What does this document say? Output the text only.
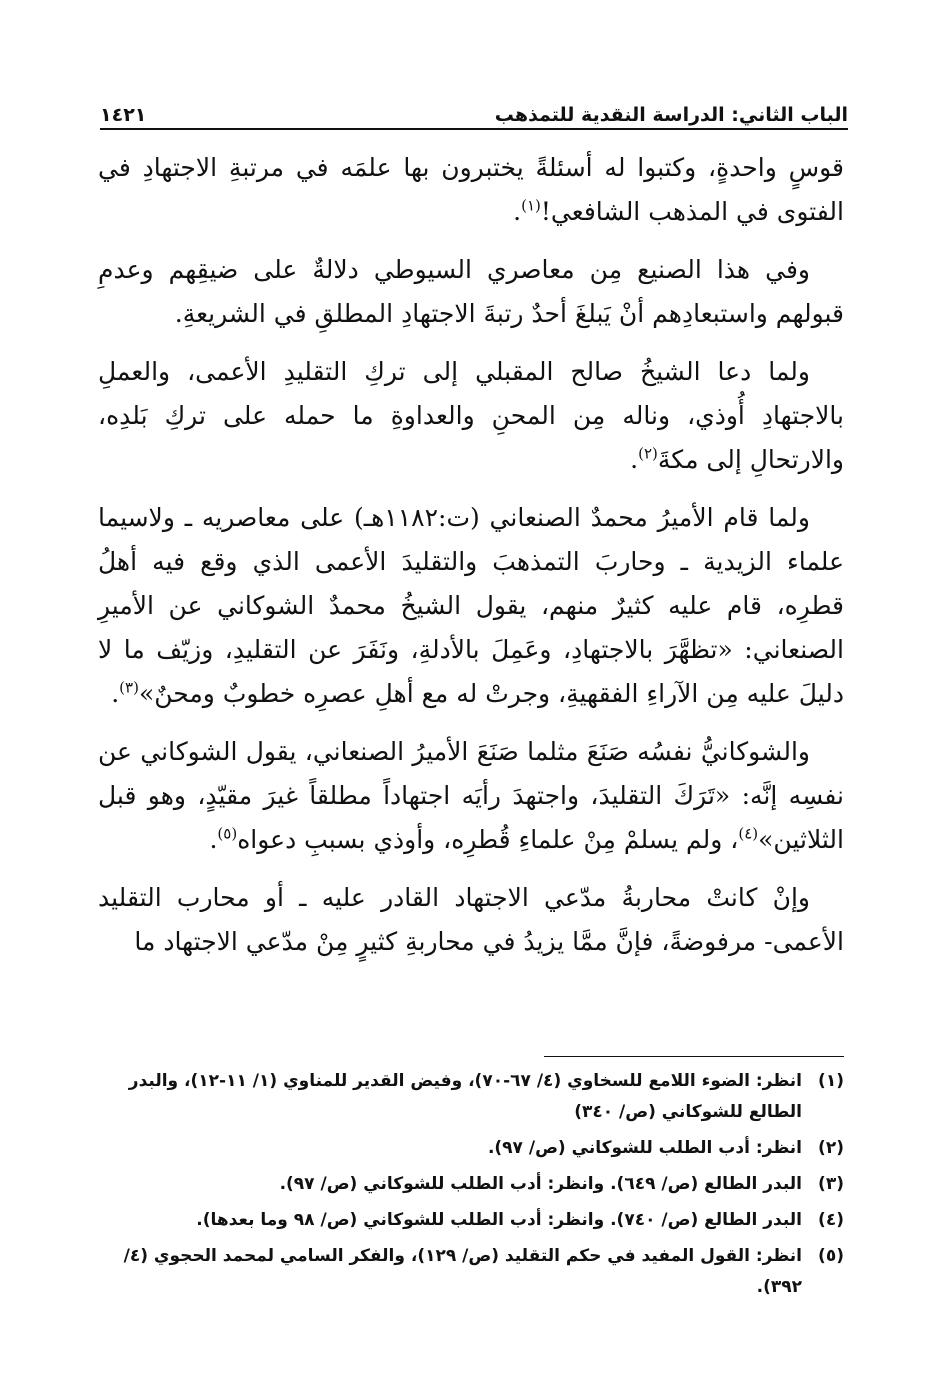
الباب الثاني: الدراسة النقدية للتمذهب
١٤٢١

قوسٍ واحدةٍ، وكتبوا له أسئلةً يختبرون بها علمَه في مرتبةِ الاجتهادِ في الفتوى في المذهب الشافعي!$^{(١)}$.

وفي هذا الصنيع مِن معاصري السيوطي دلالةٌ على ضيقِهم وعدمِ قبولهم واستبعادِهم أنْ يَبلغَ أحدٌ رتبةَ الاجتهادِ المطلقِ في الشريعةِ.

ولما دعا الشيخُ صالح المقبلي إلى تركِ التقليدِ الأعمى، والعملِ بالاجتهادِ أُوذي، وناله مِن المحنِ والعداوةِ ما حمله على تركِ بَلدِه، والارتحالِ إلى مكةَ$^{(٢)}$.

ولما قام الأميرُ محمدٌ الصنعاني (ت:١١٨٢هـ) على معاصريه ـ ولاسيما علماء الزيدية ـ وحاربَ التمذهبَ والتقليدَ الأعمى الذي وقع فيه أهلُ قطرِه، قام عليه كثيرٌ منهم، يقول الشيخُ محمدٌ الشوكاني عن الأميرِ الصنعاني: «تظهَّرَ بالاجتهادِ، وعَمِلَ بالأدلةِ، ونَفَرَ عن التقليدِ، وزيّف ما لا دليلَ عليه مِن الآراءِ الفقهيةِ، وجرتْ له مع أهلِ عصرِه خطوبٌ ومحنٌ»$^{(٣)}$.

والشوكانيُّ نفسُه صَنَعَ مثلما صَنَعَ الأميرُ الصنعاني، يقول الشوكاني عن نفسِه إنَّه: «تَرَكَ التقليدَ، واجتهدَ رأيَه اجتهاداً مطلقاً غيرَ مقيّدٍ، وهو قبل الثلاثين»$^{(٤)}$، ولم يسلمْ مِنْ علماءِ قُطرِه، وأوذي بسببِ دعواه$^{(٥)}$.

وإنْ كانتْ محاربةُ مدّعي الاجتهاد القادر عليه ـ أو محارب التقليد الأعمى- مرفوضةً، فإنَّ ممَّا يزيدُ في محاربةِ كثيرٍ مِنْ مدّعي الاجتهاد ما

(١)
انظر: الضوء اللامع للسخاوي (٤/ ٦٧-٧٠)، وفيض القدير للمناوي (١/ ١١-١٢)، والبدر الطالع للشوكاني (ص/ ٣٤٠)
(٢)
انظر: أدب الطلب للشوكاني (ص/ ٩٧).
(٣)
البدر الطالع (ص/ ٦٤٩). وانظر: أدب الطلب للشوكاني (ص/ ٩٧).
(٤)
البدر الطالع (ص/ ٧٤٠). وانظر: أدب الطلب للشوكاني (ص/ ٩٨ وما بعدها).
(٥)
انظر: القول المفيد في حكم التقليد (ص/ ١٢٩)، والفكر السامي لمحمد الحجوي (٤/ ٣٩٢).
